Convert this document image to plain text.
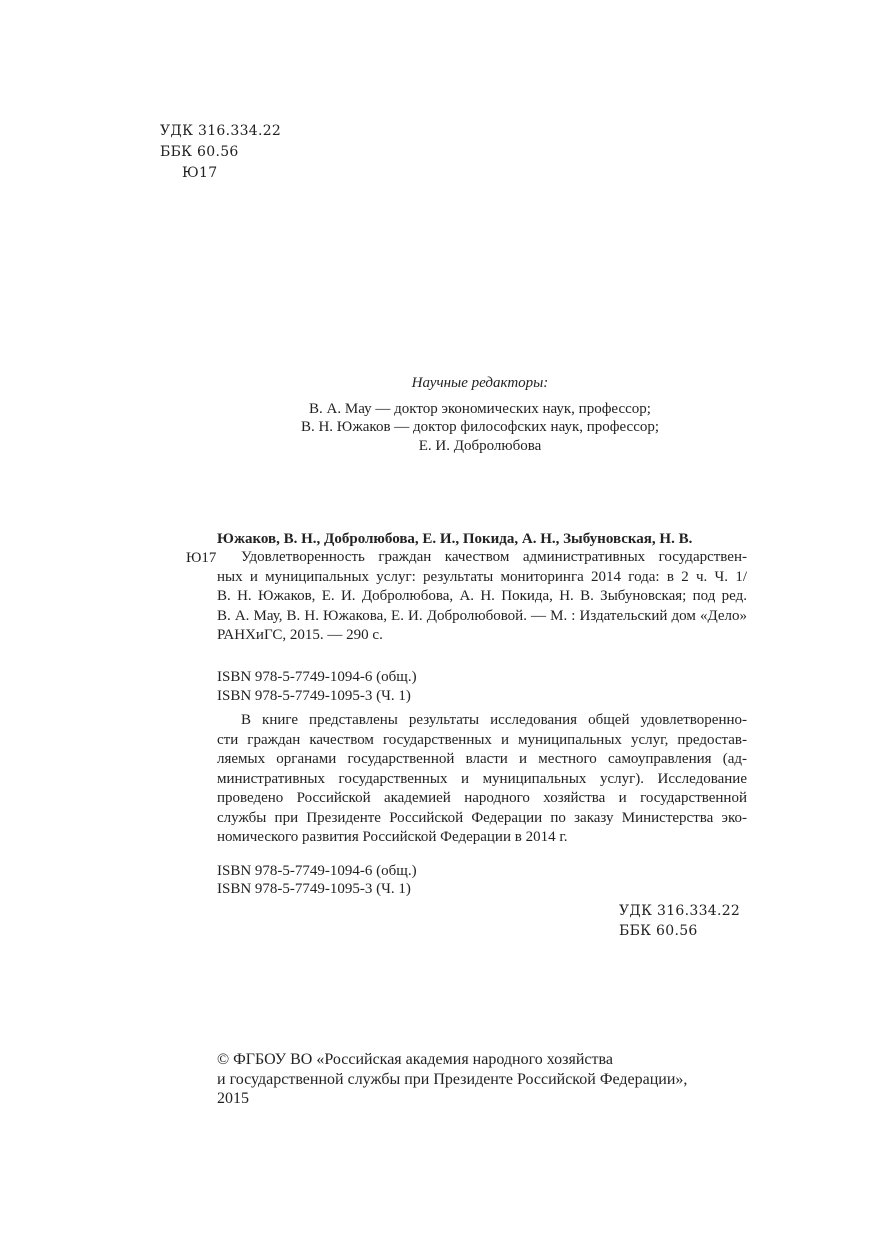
УДК 316.334.22
ББК 60.56
Ю17
Научные редакторы:
В. А. Мау — доктор экономических наук, профессор;
В. Н. Южаков — доктор философских наук, профессор;
Е. И. Добролюбова
Южаков, В. Н., Добролюбова, Е. И., Покида, А. Н., Зыбуновская, Н. В.
Ю17	Удовлетворенность граждан качеством административных государствен-
ных и муниципальных услуг: результаты мониторинга 2014 года: в 2 ч. Ч. 1/
В. Н. Южаков, Е. И. Добролюбова, А. Н. Покида, Н. В. Зыбуновская; под ред.
В. А. Мау, В. Н. Южакова, Е. И. Добролюбовой. — М. : Издательский дом «Дело»
РАНХиГС, 2015. — 290 с.
ISBN 978-5-7749-1094-6 (общ.)
ISBN 978-5-7749-1095-3 (Ч. 1)
В книге представлены результаты исследования общей удовлетворенно-
сти граждан качеством государственных и муниципальных услуг, предостав-
ляемых органами государственной власти и местного самоуправления (ад-
министративных государственных и муниципальных услуг). Исследование
проведено Российской академией народного хозяйства и государственной
службы при Президенте Российской Федерации по заказу Министерства эко-
номического развития Российской Федерации в 2014 г.
ISBN 978-5-7749-1094-6 (общ.)
ISBN 978-5-7749-1095-3 (Ч. 1)
УДК 316.334.22
ББК 60.56
© ФГБОУ ВО «Российская академия народного хозяйства
и государственной службы при Президенте Российской Федерации»,
2015
